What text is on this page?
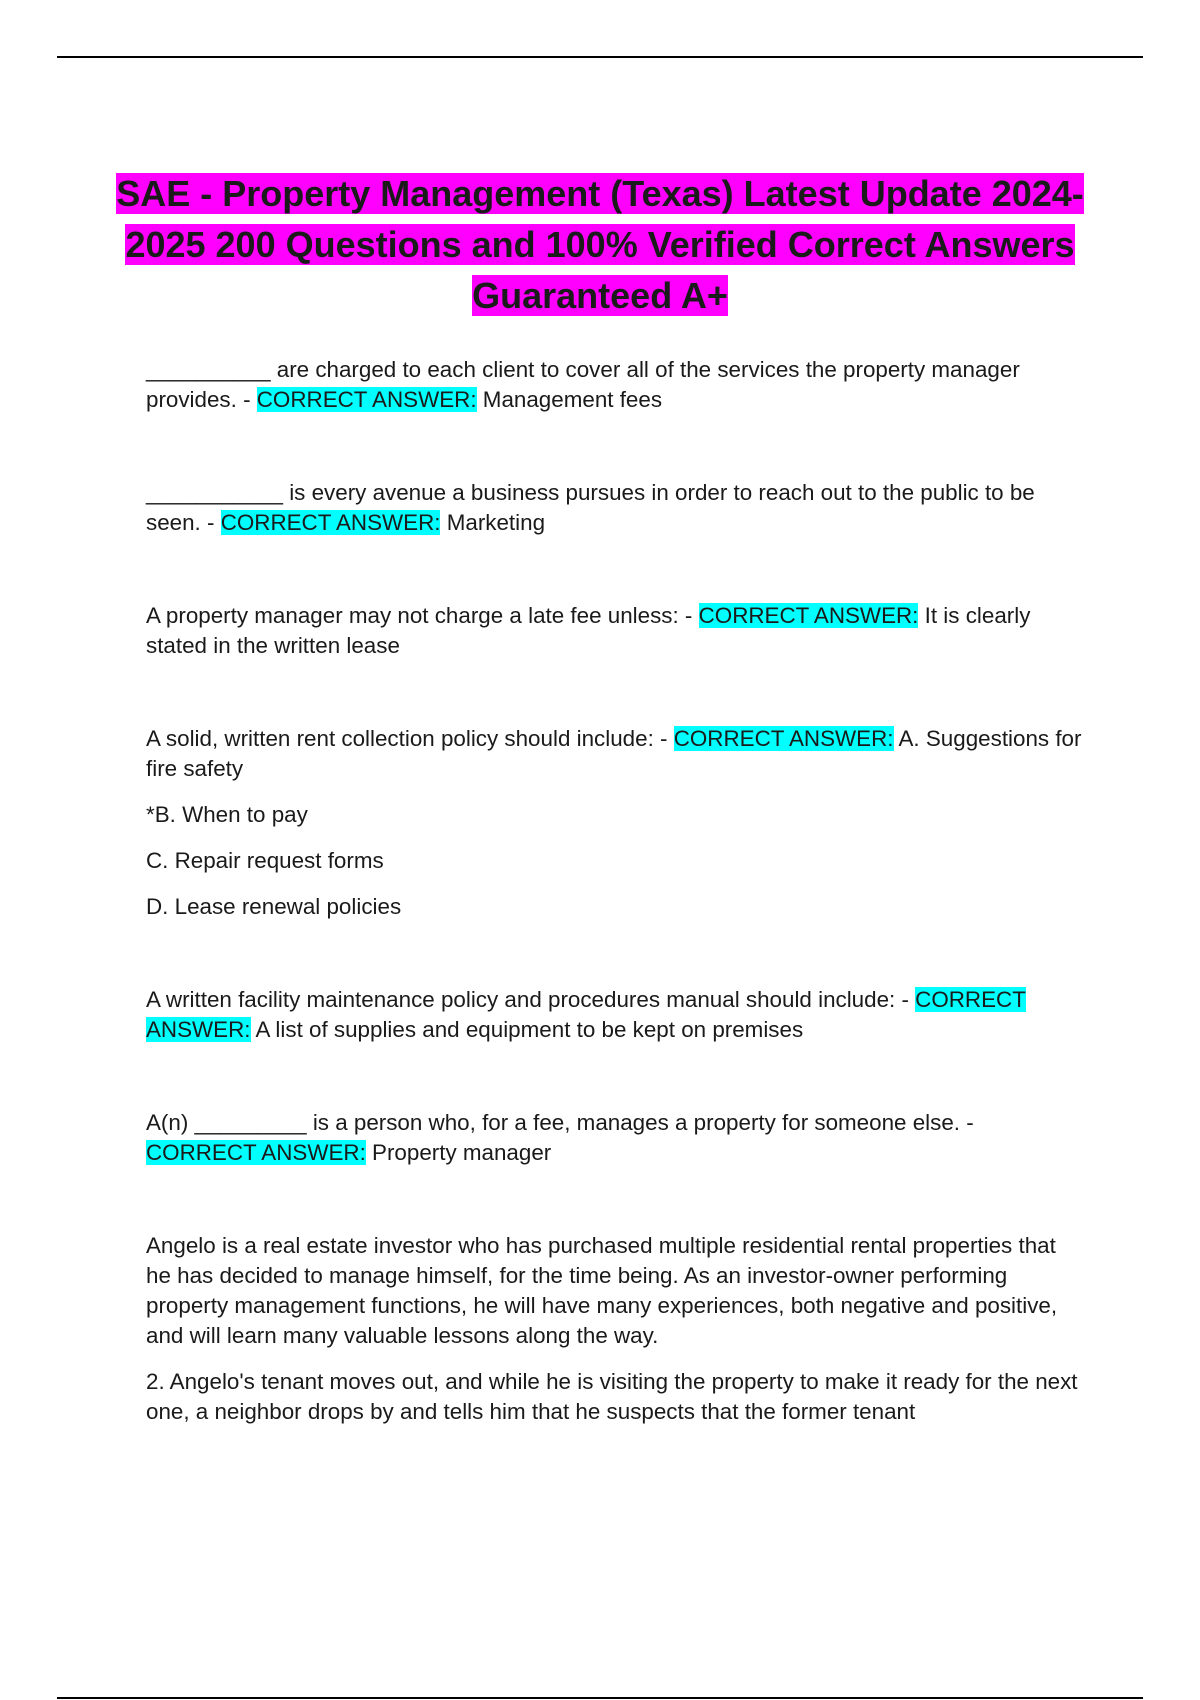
SAE - Property Management (Texas) Latest Update 2024-2025 200 Questions and 100% Verified Correct Answers Guaranteed A+

__________ are charged to each client to cover all of the services the property manager provides. - CORRECT ANSWER: Management fees

___________ is every avenue a business pursues in order to reach out to the public to be seen. - CORRECT ANSWER: Marketing

A property manager may not charge a late fee unless: - CORRECT ANSWER: It is clearly stated in the written lease

A solid, written rent collection policy should include: - CORRECT ANSWER: A. Suggestions for fire safety

*B. When to pay

C. Repair request forms

D. Lease renewal policies

A written facility maintenance policy and procedures manual should include: - CORRECT ANSWER: A list of supplies and equipment to be kept on premises

A(n) _________ is a person who, for a fee, manages a property for someone else. - CORRECT ANSWER: Property manager

Angelo is a real estate investor who has purchased multiple residential rental properties that he has decided to manage himself, for the time being. As an investor-owner performing property management functions, he will have many experiences, both negative and positive, and will learn many valuable lessons along the way.

2. Angelo's tenant moves out, and while he is visiting the property to make it ready for the next one, a neighbor drops by and tells him that he suspects that the former tenant
